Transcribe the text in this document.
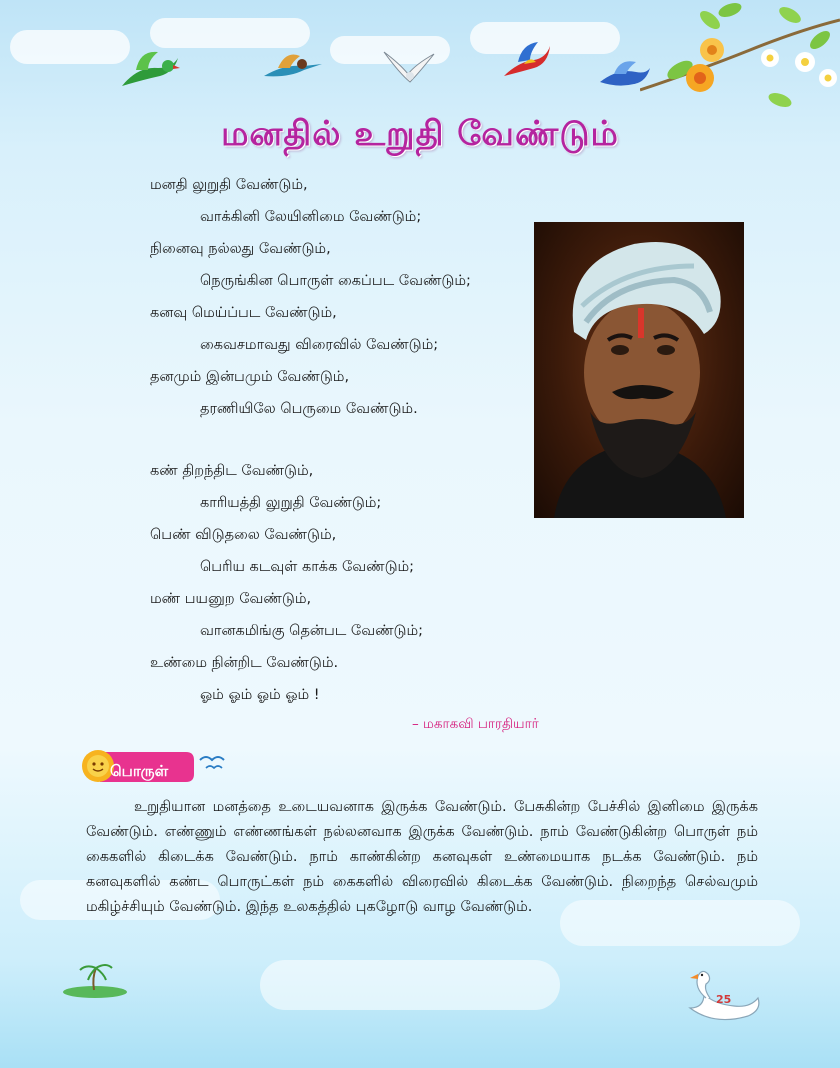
மனதில் உறுதி வேண்டும்
மனதி லுறுதி வேண்டும்,
வாக்கினி லேயினிமை வேண்டும்;
நினைவு நல்லது வேண்டும்,
நெருங்கின பொருள் கைப்பட வேண்டும்;
கனவு மெய்ப்பட வேண்டும்,
கைவசமாவது விரைவில் வேண்டும்;
தனமும் இன்பமும் வேண்டும்,
தரணியிலே பெருமை வேண்டும்.
கண் திறந்திட வேண்டும்,
காரியத்தி லுறுதி வேண்டும்;
பெண் விடுதலை வேண்டும்,
பெரிய கடவுள் காக்க வேண்டும்;
மண் பயனுற வேண்டும்,
வானகமிங்கு தென்பட வேண்டும்;
உண்மை நின்றிட வேண்டும்.
ஓம் ஓம் ஓம் ஓம் !
– மகாகவி பாரதியார்
பொருள்
உறுதியான மனத்தை உடையவனாக இருக்க வேண்டும். பேசுகின்ற பேச்சில் இனிமை இருக்க வேண்டும். எண்ணும் எண்ணங்கள் நல்லனவாக இருக்க வேண்டும். நாம் வேண்டுகின்ற பொருள் நம் கைகளில் கிடைக்க வேண்டும். நாம் காண்கின்ற கனவுகள் உண்மையாக நடக்க வேண்டும். நம் கனவுகளில் கண்ட பொருட்கள் நம் கைகளில் விரைவில் கிடைக்க வேண்டும். நிறைந்த செல்வமும் மகிழ்ச்சியும் வேண்டும். இந்த உலகத்தில் புகழோடு வாழ வேண்டும்.
25
